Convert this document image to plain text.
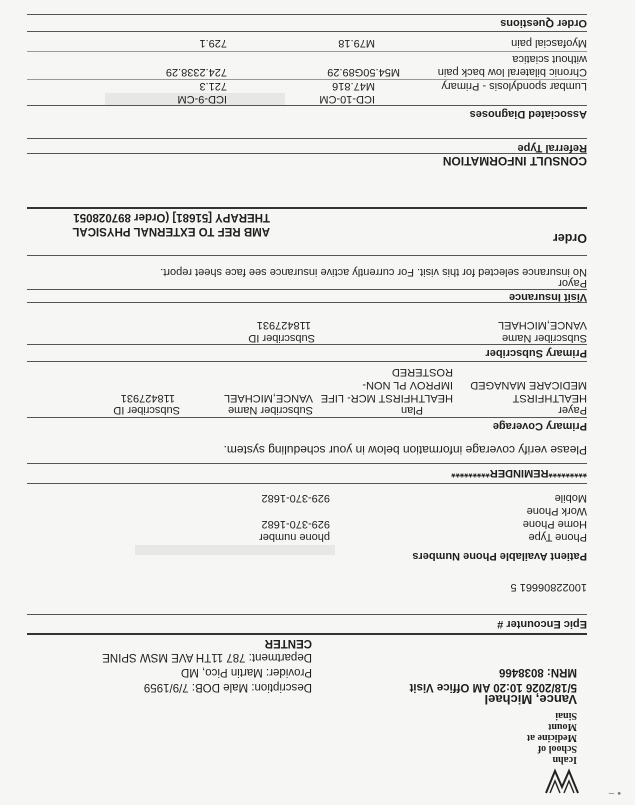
• ~
Icahn
School of
Medicine at
Mount
Sinai
Vance, Michael
5/18/2026 10:20 AM Office Visit
MRN: 8038466
Description: Male DOB: 7/9/1959
Provider: Martin Pico, MD
Department: 787 11TH AVE MSW SPINE
CENTER
Epic Encounter #
10022806661 5
Patient Available Phone Numbers
Phone Type
phone number
Home Phone
929-370-1682
Work Phone
Mobile
929-370-1682
*********REMINDER*********
Please verify coverage information below in your scheduling system.
Primary Coverage
Payer
Plan
Subscriber Name
Subscriber ID
HEALTHFIRST
MEDICARE MANAGED
HEALTHFIRST MCR- LIFE
IMPROV PL NON-
ROSTERED
VANCE,MICHAEL
118427931
Primary Subscriber
Subscriber Name
Subscriber ID
VANCE,MICHAEL
118427931
Visit Insurance
Payor
No insurance selected for this visit. For currently active insurance see face sheet report.
Order
AMB REF TO EXTERNAL PHYSICAL
THERAPY [51681] (Order 897028051
CONSULT INFORMATION
Referral Type
Associated Diagnoses
ICD-10-CM
ICD-9-CM
Lumbar spondylosis - Primary
M47.816
721.3
Chronic bilateral low back pain
without sciatica
M54.50G89.29
724.2338.29
Myofascial pain
M79.18
729.1
Order Questions
